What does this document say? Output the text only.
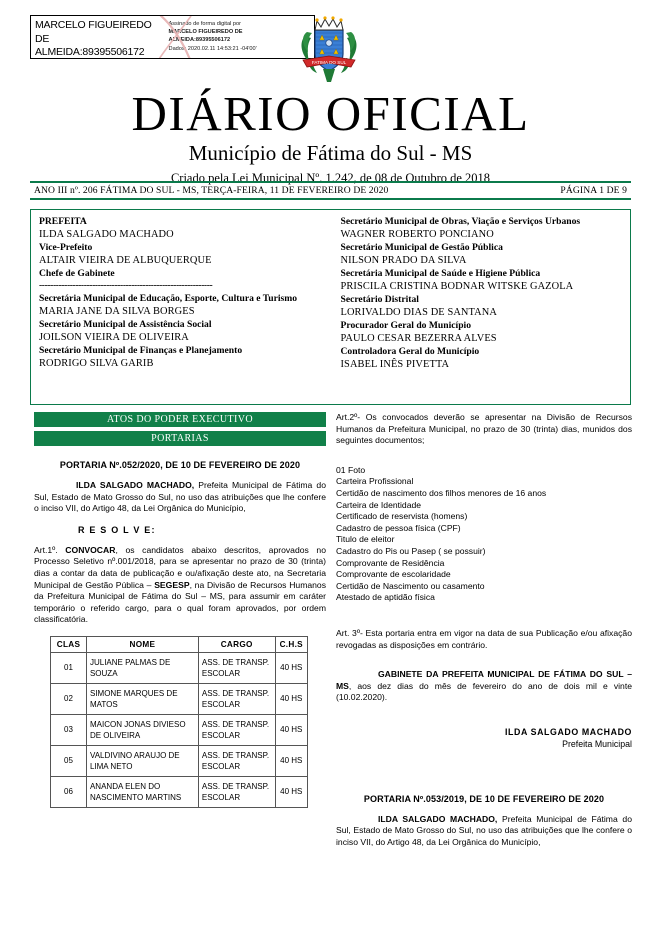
MARCELO FIGUEIREDO
DE
ALMEIDA:89395506172
Assinado de forma digital por
MARCELO FIGUEIREDO DE
ALMEIDA:89395506172
Dados: 2020.02.11 14:53:21 -04'00'
FATIMA DO SUL
DIÁRIO OFICIAL
Município de Fátima do Sul - MS
Criado pela Lei Municipal Nº. 1.242, de 08 de Outubro de 2018
ANO III nº. 206 FÁTIMA DO SUL - MS, TERÇA-FEIRA, 11 DE FEVEREIRO DE 2020	PÁGINA 1 DE 9
PREFEITA
ILDA SALGADO MACHADO
Vice-Prefeito
ALTAIR VIEIRA DE ALBUQUERQUE
Chefe de Gabinete
--------------------------------------------------------------
Secretária Municipal de Educação, Esporte, Cultura e Turismo
MARIA JANE DA SILVA BORGES
Secretário Municipal de Assistência Social
JOILSON VIEIRA DE OLIVEIRA
Secretário Municipal de Finanças e Planejamento
RODRIGO SILVA GARIB
Secretário Municipal de Obras, Viação e Serviços Urbanos
WAGNER ROBERTO PONCIANO
Secretário Municipal de Gestão Pública
NILSON PRADO DA SILVA
Secretária Municipal de Saúde e Higiene Pública
PRISCILA CRISTINA BODNAR WITSKE GAZOLA
Secretário Distrital
LORIVALDO DIAS DE SANTANA
Procurador Geral do Município
PAULO CESAR BEZERRA ALVES
Controladora Geral do Município
ISABEL INÊS PIVETTA
ATOS DO PODER EXECUTIVO
PORTARIAS
PORTARIA Nº.052/2020, DE 10 DE FEVEREIRO DE 2020
ILDA SALGADO MACHADO, Prefeita Municipal de Fátima do Sul, Estado de Mato Grosso do Sul, no uso das atribuições que lhe confere o inciso VII, do Artigo 48, da Lei Orgânica do Município,
R E S O L V E:
Art.1º. CONVOCAR, os candidatos abaixo descritos, aprovados no Processo Seletivo nº.001/2018, para se apresentar no prazo de 30 (trinta) dias a contar da data de publicação e ou/afixação deste ato, na Secretaria Municipal de Gestão Pública – SEGESP, na Divisão de Recursos Humanos da Prefeitura Municipal de Fátima do Sul – MS, para assumir em caráter temporário o referido cargo, para o qual foram aprovados, por ordem classificatória.
CLAS	NOME	CARGO	C.H.S
01	JULIANE PALMAS DE SOUZA	ASS. DE TRANSP. ESCOLAR	40 HS
02	SIMONE MARQUES DE MATOS	ASS. DE TRANSP. ESCOLAR	40 HS
03	MAICON JONAS DIVIESO DE OLIVEIRA	ASS. DE TRANSP. ESCOLAR	40 HS
05	VALDIVINO ARAUJO DE LIMA NETO	ASS. DE TRANSP. ESCOLAR	40 HS
06	ANANDA ELEN DO NASCIMENTO MARTINS	ASS. DE TRANSP. ESCOLAR	40 HS
Art.2º- Os convocados deverão se apresentar na Divisão de Recursos Humanos da Prefeitura Municipal, no prazo de 30 (trinta) dias, munidos dos seguintes documentos;
01 Foto
Carteira Profissional
Certidão de nascimento dos filhos menores de 16 anos
Carteira de Identidade
Certificado de reservista (homens)
Cadastro de pessoa física (CPF)
Titulo de eleitor
Cadastro do Pis ou Pasep ( se possuir)
Comprovante de Residência
Comprovante de escolaridade
Certidão de Nascimento ou casamento
Atestado de aptidão física
Art. 3º- Esta portaria entra em vigor na data de sua Publicação e/ou afixação revogadas as disposições em contrário.
GABINETE DA PREFEITA MUNICIPAL DE FÁTIMA DO SUL – MS, aos dez dias do mês de fevereiro do ano de dois mil e vinte (10.02.2020).
ILDA SALGADO MACHADO
Prefeita Municipal
PORTARIA Nº.053/2019, DE 10 DE FEVEREIRO DE 2020
ILDA SALGADO MACHADO, Prefeita Municipal de Fátima do Sul, Estado de Mato Grosso do Sul, no uso das atribuições que lhe confere o inciso VII, do Artigo 48, da Lei Orgânica do Município,
